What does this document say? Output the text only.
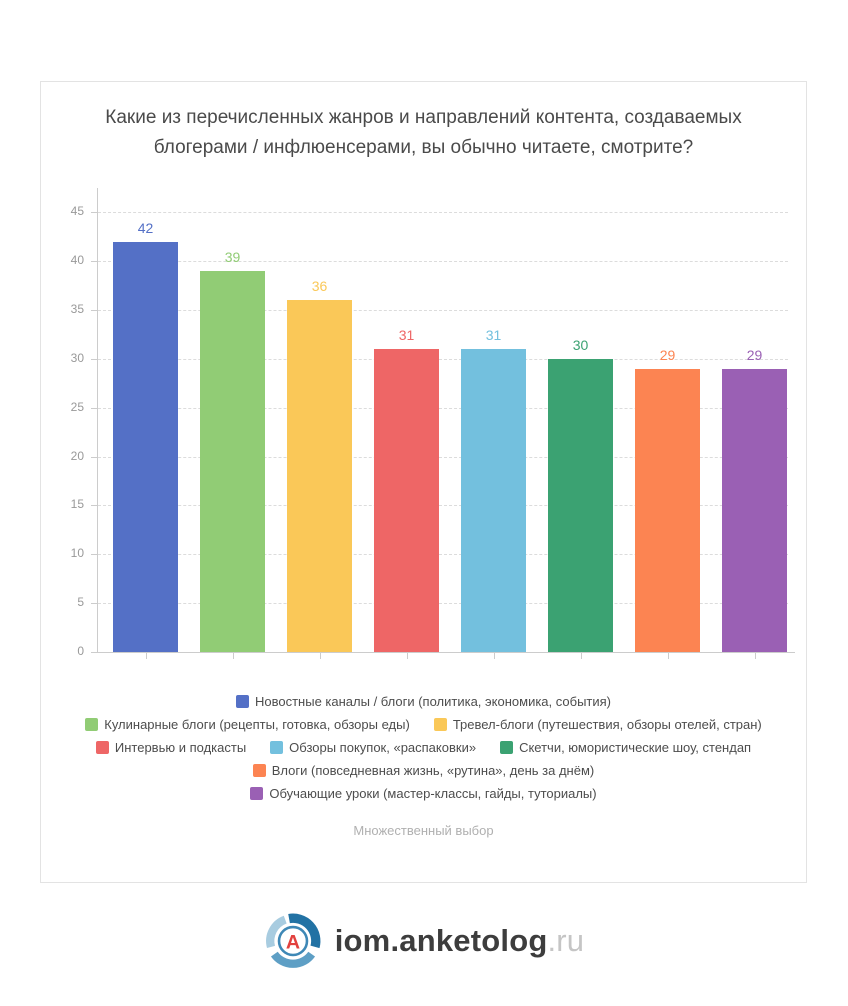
Какие из перечисленных жанров и направлений контента, создаваемых
блогерами / инфлюенсерами, вы обычно читаете, смотрите?
0
5
10
15
20
25
30
35
40
45
42
39
36
31	31
30
29	29
Новостные каналы / блоги (политика, экономика, события)
Кулинарные блоги (рецепты, готовка, обзоры еды)	Тревел-блоги (путешествия, обзоры отелей, стран)
Интервью и подкасты	Обзоры покупок, «распаковки»	Скетчи, юмористические шоу, стендап
Влоги (повседневная жизнь, «рутина», день за днём)
Обучающие уроки (мастер-классы, гайды, туториалы)
Множественный выбор
A iom.anketolog.ru
